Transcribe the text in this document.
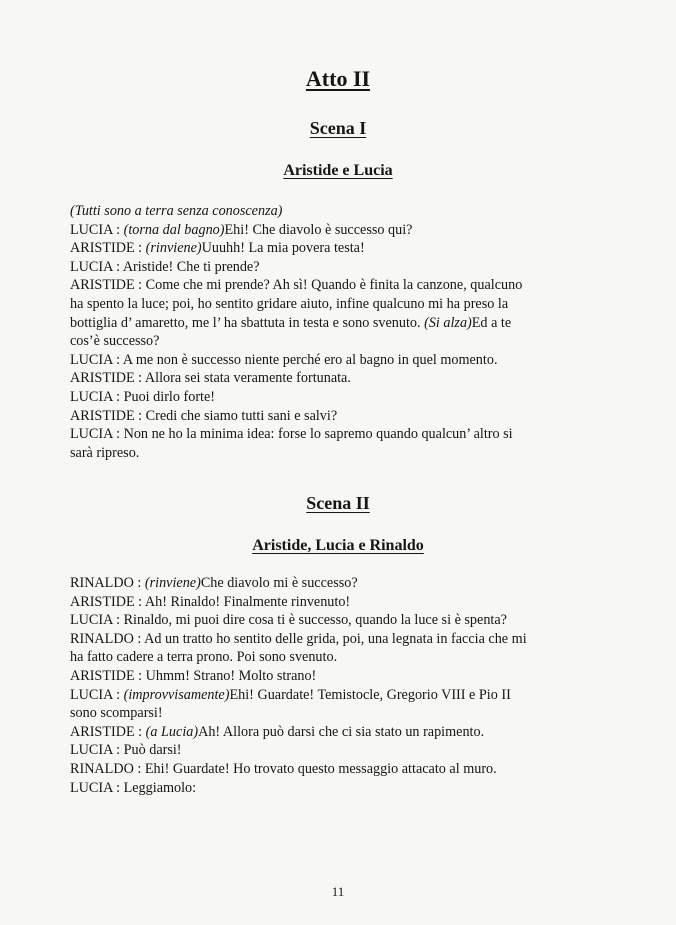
Atto II
Scena I
Aristide e Lucia
(Tutti sono a terra senza conoscenza)
LUCIA : (torna dal bagno)Ehi! Che diavolo è successo qui?
ARISTIDE : (rinviene)Uuuhh! La mia povera testa!
LUCIA : Aristide! Che ti prende?
ARISTIDE : Come che mi prende? Ah sì! Quando è finita la canzone, qualcuno
ha spento la luce; poi, ho sentito gridare aiuto, infine qualcuno mi ha preso la
bottiglia d’ amaretto, me l’ ha sbattuta in testa e sono svenuto. (Si alza)Ed a te
cos’è successo?
LUCIA : A me non è successo niente perché ero al bagno in quel momento.
ARISTIDE : Allora sei stata veramente fortunata.
LUCIA : Puoi dirlo forte!
ARISTIDE : Credi che siamo tutti sani e salvi?
LUCIA : Non ne ho la minima idea: forse lo sapremo quando qualcun’ altro si
sarà ripreso.
Scena II
Aristide, Lucia e Rinaldo
RINALDO : (rinviene)Che diavolo mi è successo?
ARISTIDE : Ah! Rinaldo! Finalmente rinvenuto!
LUCIA : Rinaldo, mi puoi dire cosa ti è successo, quando la luce si è spenta?
RINALDO : Ad un tratto ho sentito delle grida, poi, una legnata in faccia che mi
ha fatto cadere a terra prono. Poi sono svenuto.
ARISTIDE : Uhmm! Strano! Molto strano!
LUCIA : (improvvisamente)Ehi! Guardate! Temistocle, Gregorio VIII e Pio II
sono scomparsi!
ARISTIDE : (a Lucia)Ah! Allora può darsi che ci sia stato un rapimento.
LUCIA : Può darsi!
RINALDO : Ehi! Guardate! Ho trovato questo messaggio attacato al muro.
LUCIA : Leggiamolo:
11
